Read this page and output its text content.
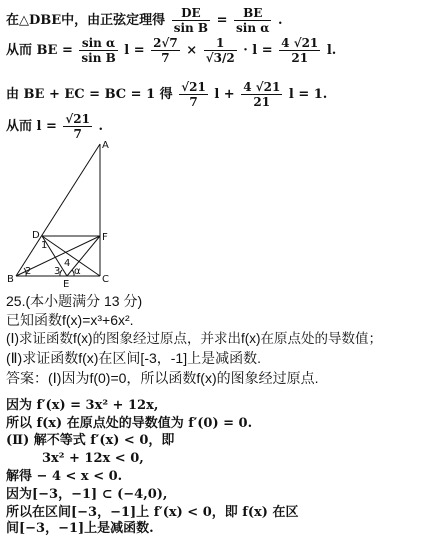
在△DBE中，由正弦定理得 $\frac{DE}{\text{sin B}} = \frac{BE}{\text{sin α}}$ .
从而 BE = $\frac{\text{sin α}}{\text{sin B}}$ $l = \frac{2√7}{7} \times \frac{1}{√3/2} \cdot l = \frac{4 √21}{21} l$.
由 BE + EC = BC = 1 得 $\frac{√21}{7}$ $l + \frac{4 √21}{21}$ l = 1.
从而 $l = \frac{√21}{7}$ .
A
D	F
B	E	C
1
2 3
4
α
25.(本小题满分 13 分)
已知函数f(x)=x³+6x².
(Ⅰ)求证函数f(x)的图象经过原点，并求出f(x)在原点处的导数值；
(Ⅱ)求证函数f(x)在区间[-3，-1]上是减函数.
答案：(Ⅰ)因为f(0)=0，所以函数f(x)的图象经过原点.
因为 f′(x) = 3x² + 12x,
所以 f(x) 在原点处的导数值为 f′(0) = 0.
(Ⅱ) 解不等式 f′(x) < 0，即
3x² + 12x < 0,
解得 − 4 < x < 0.
因为[−3，−1] ⊂ (−4,0),
所以在区间[−3，−1]上 f′(x) < 0，即 f(x) 在区
间[−3，−1]上是减函数.
